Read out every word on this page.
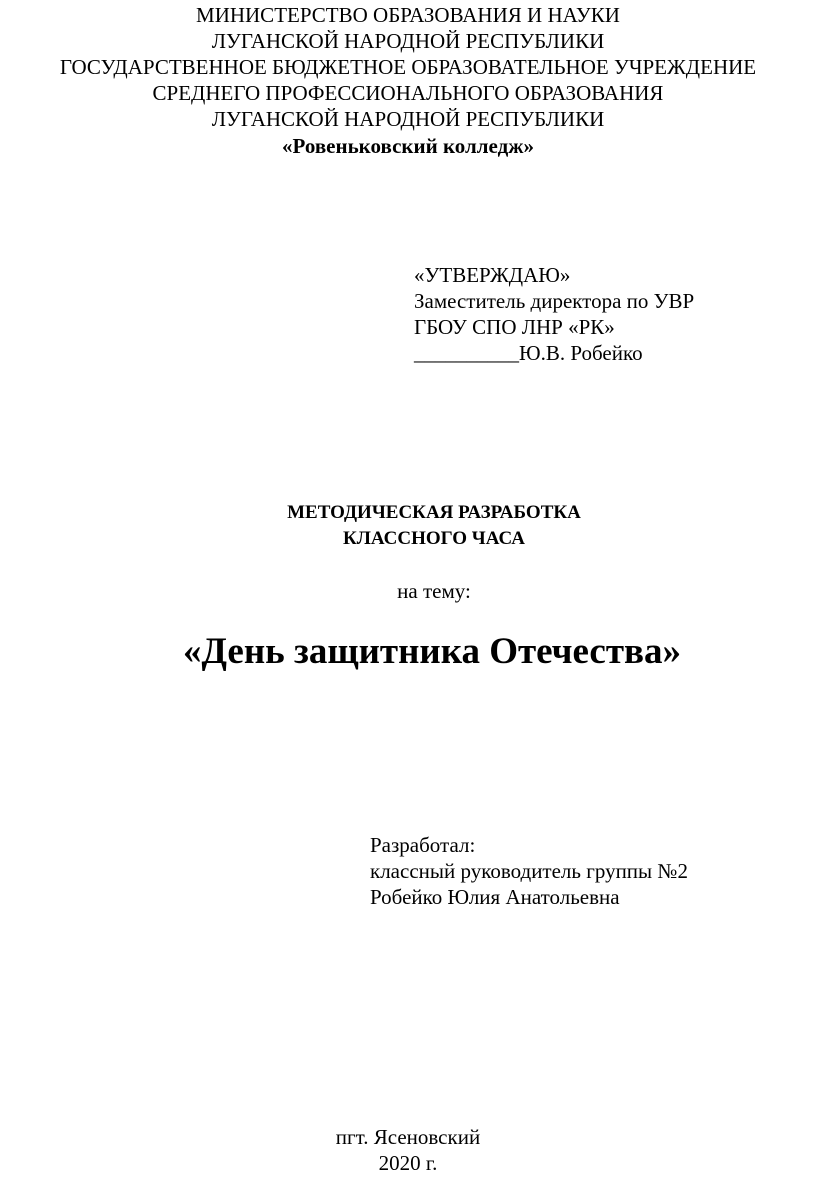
МИНИСТЕРСТВО ОБРАЗОВАНИЯ И НАУКИ
ЛУГАНСКОЙ НАРОДНОЙ РЕСПУБЛИКИ
ГОСУДАРСТВЕННОЕ БЮДЖЕТНОЕ ОБРАЗОВАТЕЛЬНОЕ УЧРЕЖДЕНИЕ
СРЕДНЕГО ПРОФЕССИОНАЛЬНОГО ОБРАЗОВАНИЯ
ЛУГАНСКОЙ НАРОДНОЙ РЕСПУБЛИКИ
«Ровеньковский колледж»
«УТВЕРЖДАЮ»
Заместитель директора по УВР
ГБОУ СПО ЛНР «РК»
__________Ю.В. Робейко
МЕТОДИЧЕСКАЯ РАЗРАБОТКА
КЛАССНОГО ЧАСА
на тему:
«День защитника Отечества»
Разработал:
классный руководитель группы №2
Робейко Юлия Анатольевна
пгт. Ясеновский
2020 г.
